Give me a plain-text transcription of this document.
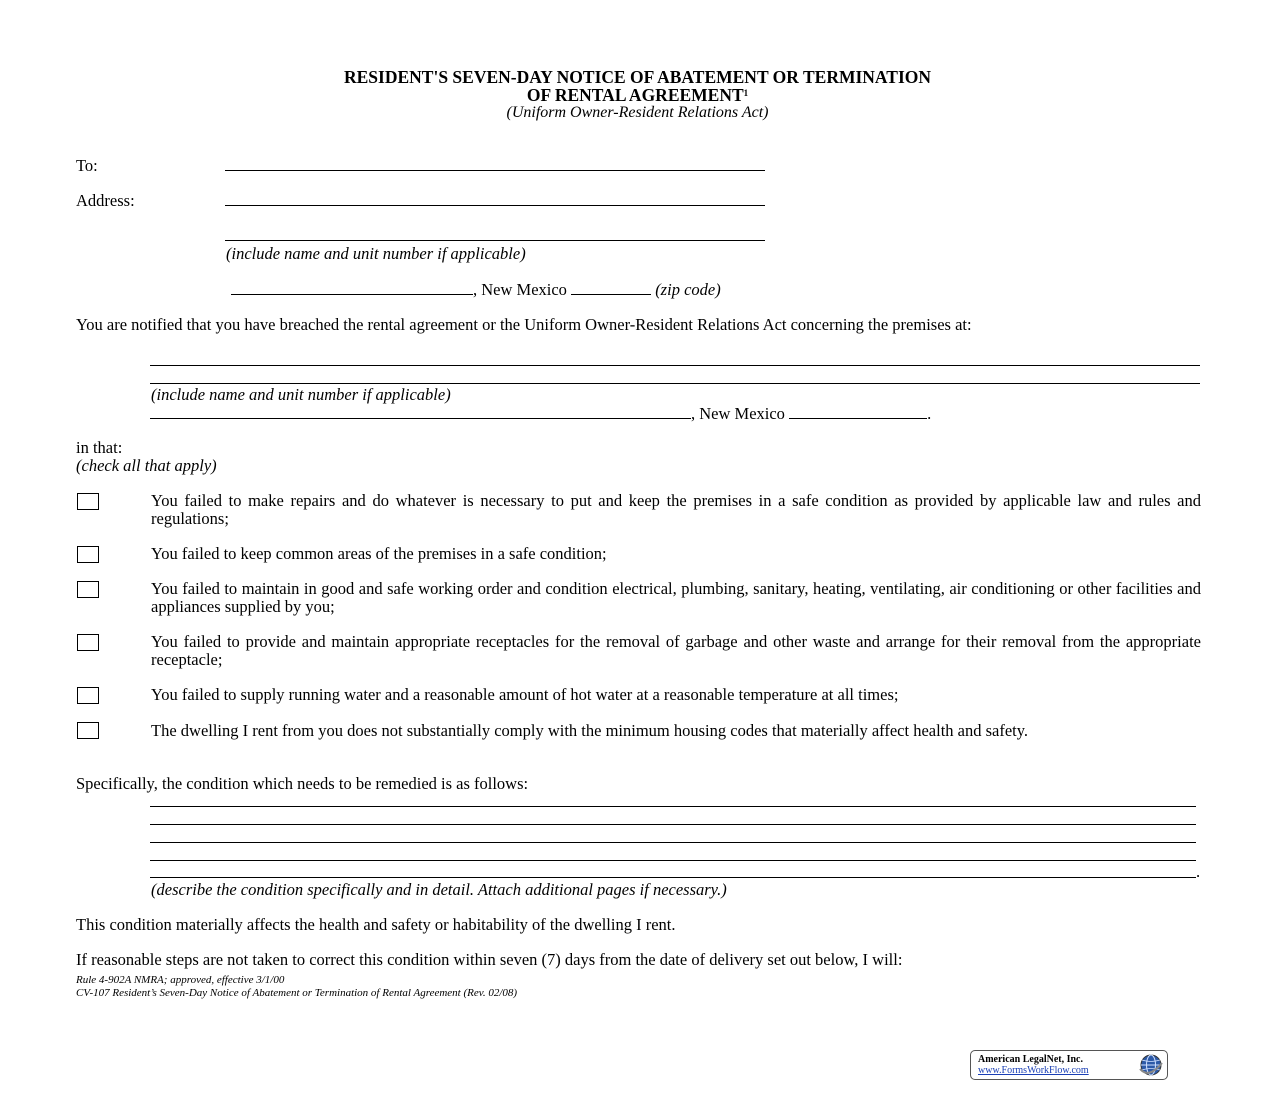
RESIDENT'S SEVEN-DAY NOTICE OF ABATEMENT OR TERMINATION
OF RENTAL AGREEMENT$^1$
(Uniform Owner-Resident Relations Act)
To:
Address:
(include name and unit number if applicable)
, New Mexico	(zip code)
You are notified that you have breached the rental agreement or the Uniform Owner-Resident Relations Act concerning the premises at:
(include name and unit number if applicable)
, New Mexico	.
in that:
(check all that apply)
You failed to make repairs and do whatever is necessary to put and keep the premises in a safe condition as provided by applicable law and rules and regulations;
You failed to keep common areas of the premises in a safe condition;
You failed to maintain in good and safe working order and condition electrical, plumbing, sanitary, heating, ventilating, air conditioning or other facilities and appliances supplied by you;
You failed to provide and maintain appropriate receptacles for the removal of garbage and other waste and arrange for their removal from the appropriate receptacle;
You failed to supply running water and a reasonable amount of hot water at a reasonable temperature at all times;
The dwelling I rent from you does not substantially comply with the minimum housing codes that materially affect health and safety.
Specifically, the condition which needs to be remedied is as follows:
.
(describe the condition specifically and in detail. Attach additional pages if necessary.)
This condition materially affects the health and safety or habitability of the dwelling I rent.
If reasonable steps are not taken to correct this condition within seven (7) days from the date of delivery set out below, I will:
Rule 4-902A NMRA; approved, effective 3/1/00
CV-107 Resident’s Seven-Day Notice of Abatement or Termination of Rental Agreement (Rev. 02/08)
American LegalNet, Inc.
www.FormsWorkFlow.com
